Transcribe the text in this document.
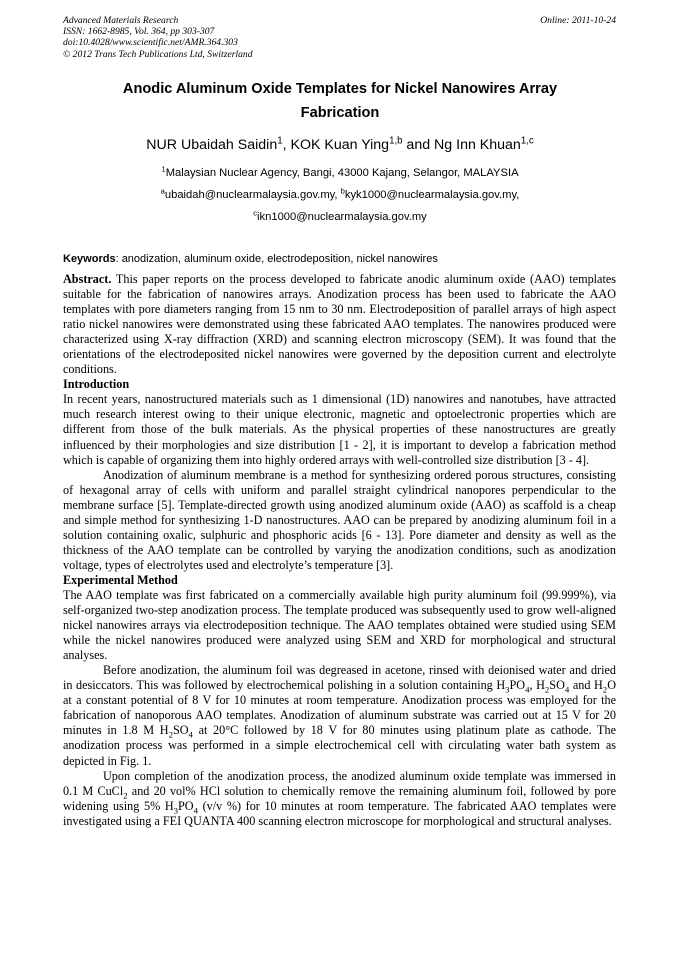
Advanced Materials Research
ISSN: 1662-8985, Vol. 364, pp 303-307
doi:10.4028/www.scientific.net/AMR.364.303
© 2012 Trans Tech Publications Ltd, Switzerland
Online: 2011-10-24
Anodic Aluminum Oxide Templates for Nickel Nanowires Array
Fabrication
NUR Ubaidah Saidin$^1$, KOK Kuan Ying$^{1,b}$ and Ng Inn Khuan$^{1,c}$
$^1$Malaysian Nuclear Agency, Bangi, 43000 Kajang, Selangor, MALAYSIA
$^a$ubaidah@nuclearmalaysia.gov.my, $^b$kyk1000@nuclearmalaysia.gov.my,
$^c$ikn1000@nuclearmalaysia.gov.my
Keywords: anodization, aluminum oxide, electrodeposition, nickel nanowires

Abstract. This paper reports on the process developed to fabricate anodic aluminum oxide (AAO) templates suitable for the fabrication of nanowires arrays. Anodization process has been used to fabricate the AAO templates with pore diameters ranging from 15 nm to 30 nm. Electrodeposition of parallel arrays of high aspect ratio nickel nanowires were demonstrated using these fabricated AAO templates. The nanowires produced were characterized using X-ray diffraction (XRD) and scanning electron microscopy (SEM). It was found that the orientations of the electrodeposited nickel nanowires were governed by the deposition current and electrolyte conditions.

Introduction

In recent years, nanostructured materials such as 1 dimensional (1D) nanowires and nanotubes, have attracted much research interest owing to their unique electronic, magnetic and optoelectronic properties which are different from those of the bulk materials. As the physical properties of these nanostructures are greatly influenced by their morphologies and size distribution [1 - 2], it is important to develop a fabrication method which is capable of organizing them into highly ordered arrays with well-controlled size distribution [3 - 4].

Anodization of aluminum membrane is a method for synthesizing ordered porous structures, consisting of hexagonal array of cells with uniform and parallel straight cylindrical nanopores perpendicular to the membrane surface [5]. Template-directed growth using anodized aluminum oxide (AAO) as scaffold is a cheap and simple method for synthesizing 1-D nanostructures. AAO can be prepared by anodizing aluminum foil in a solution containing oxalic, sulphuric and phosphoric acids [6 - 13]. Pore diameter and density as well as the thickness of the AAO template can be controlled by varying the anodization conditions, such as anodization voltage, types of electrolytes used and electrolyte’s temperature [3].

Experimental Method

The AAO template was first fabricated on a commercially available high purity aluminum foil (99.999%), via self-organized two-step anodization process. The template produced was subsequently used to grow well-aligned nickel nanowires arrays via electrodeposition technique. The AAO templates obtained were studied using SEM while the nickel nanowires produced were analyzed using SEM and XRD for morphological and structural analyses.

Before anodization, the aluminum foil was degreased in acetone, rinsed with deionised water and dried in desiccators. This was followed by electrochemical polishing in a solution containing $H_3PO_4$, $H_2SO_4$ and $H_2O$ at a constant potential of 8 V for 10 minutes at room temperature. Anodization process was employed for the fabrication of nanoporous AAO templates. Anodization of aluminum substrate was carried out at 15 V for 20 minutes in 1.8 M $H_2SO_4$ at 20°C followed by 18 V for 80 minutes using platinum plate as cathode. The anodization process was performed in a simple electrochemical cell with circulating water bath system as depicted in Fig. 1.

Upon completion of the anodization process, the anodized aluminum oxide template was immersed in 0.1 M CuCl$_2$ and 20 vol% HCl solution to chemically remove the remaining aluminum foil, followed by pore widening using 5% $H_3PO_4$ (v/v %) for 10 minutes at room temperature. The fabricated AAO templates were investigated using a FEI QUANTA 400 scanning electron microscope for morphological and structural analyses.
